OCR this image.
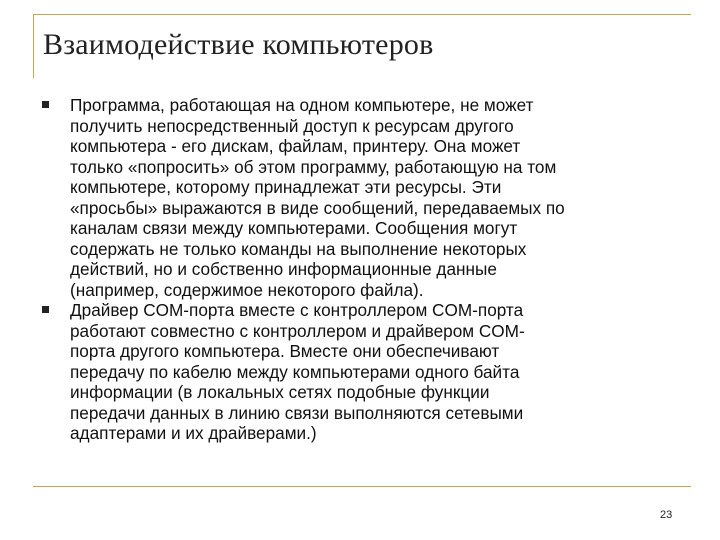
Взаимодействие компьютеров
Программа, работающая на одном компьютере, не может
получить непосредственный доступ к ресурсам другого
компьютера - его дискам, файлам, принтеру. Она может
только «попросить» об этом программу, работающую на том
компьютере, которому принадлежат эти ресурсы. Эти
«просьбы» выражаются в виде сообщений, передаваемых по
каналам связи между компьютерами. Сообщения могут
содержать не только команды на выполнение некоторых
действий, но и собственно информационные данные
(например, содержимое некоторого файла).
Драйвер COM-порта вместе с контроллером COM-порта
работают совместно с контроллером и драйвером COM-
порта другого компьютера. Вместе они обеспечивают
передачу по кабелю между компьютерами одного байта
информации (в локальных сетях подобные функции
передачи данных в линию связи выполняются сетевыми
адаптерами и их драйверами.)
23
